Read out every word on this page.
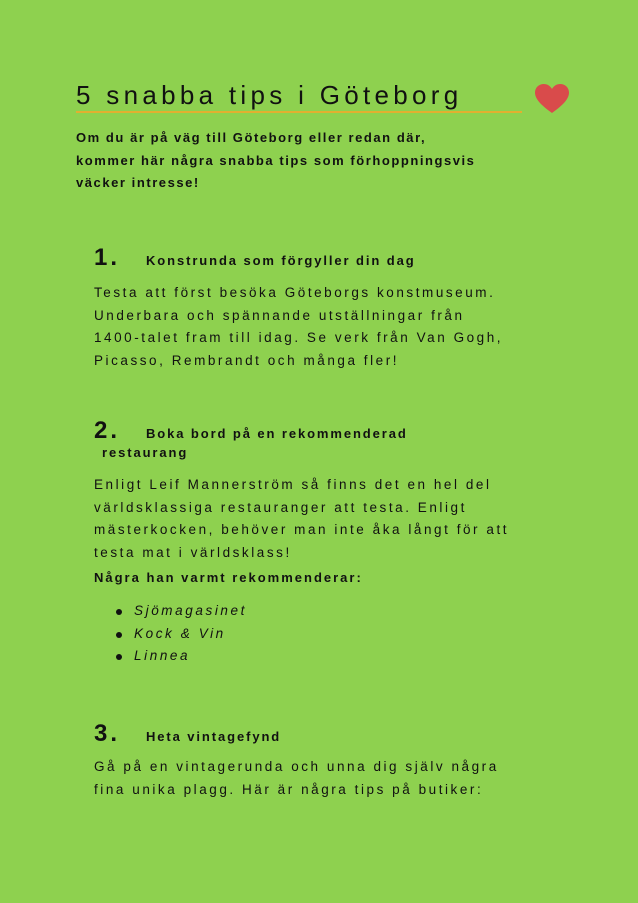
5 snabba tips i Göteborg

Om du är på väg till Göteborg eller redan där,
kommer här några snabba tips som förhoppningsvis
väcker intresse!

1. Konstrunda som förgyller din dag

Testa att först besöka Göteborgs konstmuseum.
Underbara och spännande utställningar från
1400-talet fram till idag. Se verk från Van Gogh,
Picasso, Rembrandt och många fler!

2. Boka bord på en rekommenderad
restaurang

Enligt Leif Mannerström så finns det en hel del
världsklassiga restauranger att testa. Enligt
mästerkocken, behöver man inte åka långt för att
testa mat i världsklass!

Några han varmt rekommenderar:
Sjömagasinet
Kock & Vin
Linnea
3. Heta vintagefynd

Gå på en vintagerunda och unna dig själv några
fina unika plagg. Här är några tips på butiker:
